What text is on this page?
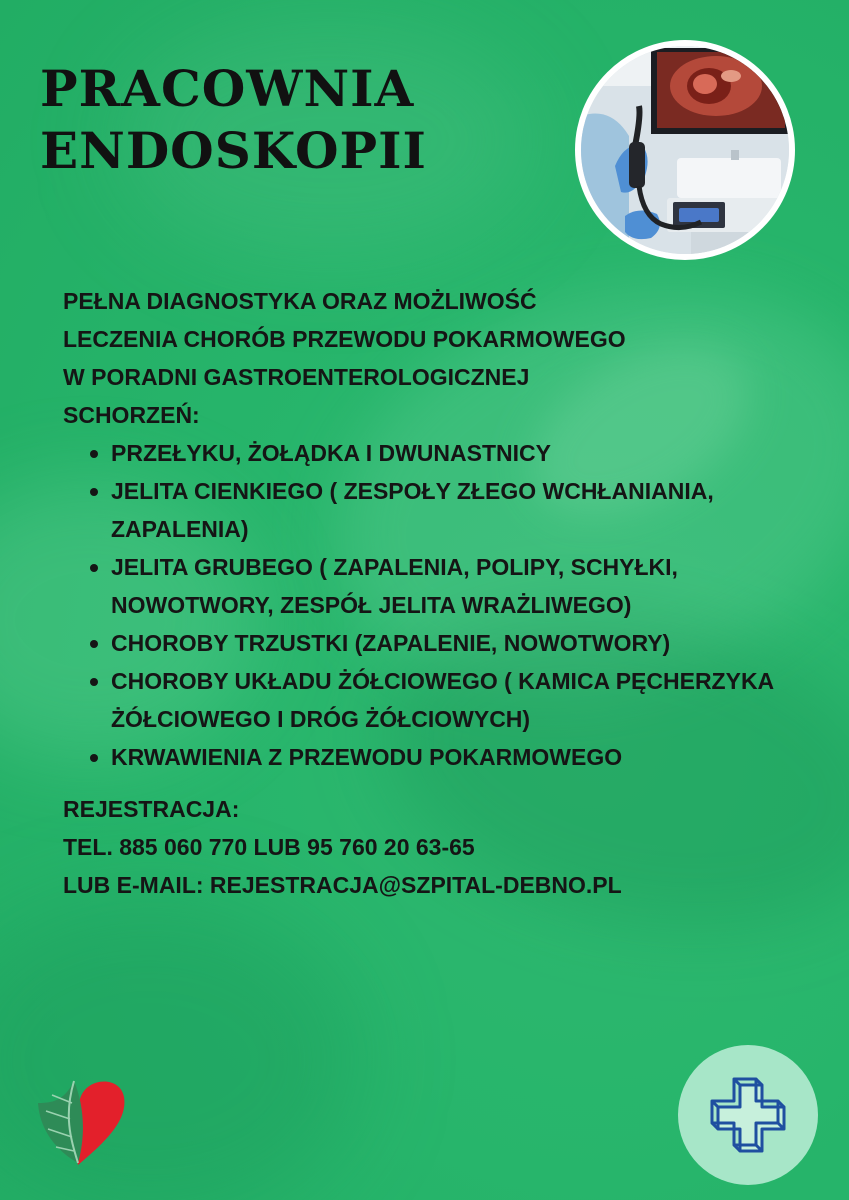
PRACOWNIA
ENDOSKOPII
PEŁNA DIAGNOSTYKA ORAZ MOŻLIWOŚĆ
LECZENIA CHORÓB PRZEWODU POKARMOWEGO
W PORADNI GASTROENTEROLOGICZNEJ
SCHORZEŃ:
PRZEŁYKU, ŻOŁĄDKA I DWUNASTNICY
JELITA CIENKIEGO ( ZESPOŁY ZŁEGO WCHŁANIANIA, ZAPALENIA)
JELITA GRUBEGO ( ZAPALENIA, POLIPY, SCHYŁKI, NOWOTWORY, ZESPÓŁ JELITA WRAŻLIWEGO)
CHOROBY TRZUSTKI (ZAPALENIE, NOWOTWORY)
CHOROBY UKŁADU ŻÓŁCIOWEGO ( KAMICA PĘCHERZYKA ŻÓŁCIOWEGO I DRÓG ŻÓŁCIOWYCH)
KRWAWIENIA Z PRZEWODU POKARMOWEGO
REJESTRACJA:
TEL. 885 060 770 LUB 95 760 20 63-65
LUB E-MAIL: REJESTRACJA@SZPITAL-DEBNO.PL
